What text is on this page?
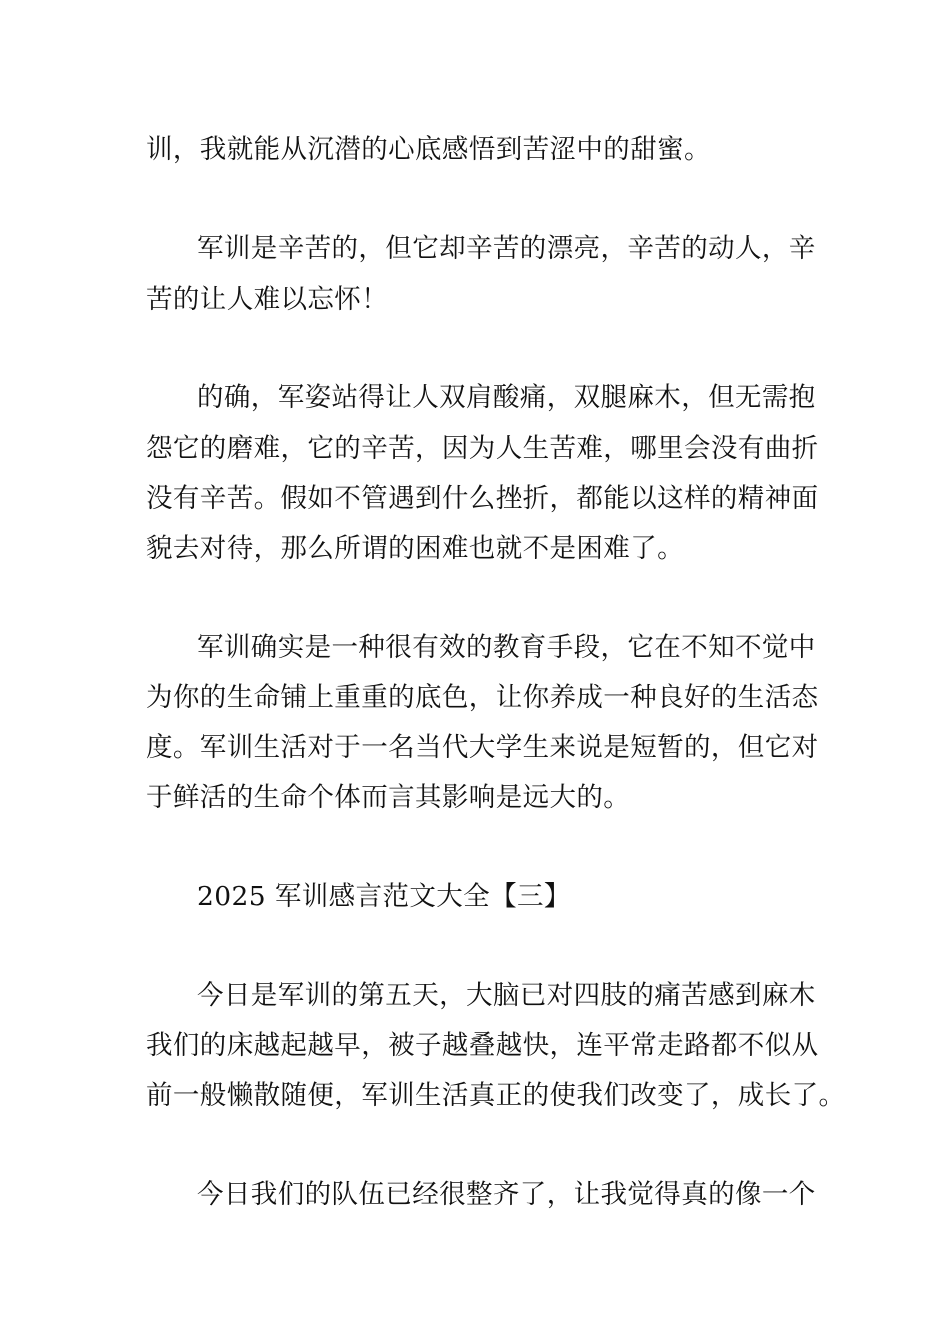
训，我就能从沉潜的心底感悟到苦涩中的甜蜜。
军训是辛苦的，但它却辛苦的漂亮，辛苦的动人，辛
苦的让人难以忘怀！
的确，军姿站得让人双肩酸痛，双腿麻木，但无需抱
怨它的磨难，它的辛苦，因为人生苦难，哪里会没有曲折
没有辛苦。假如不管遇到什么挫折，都能以这样的精神面
貌去对待，那么所谓的困难也就不是困难了。
军训确实是一种很有效的教育手段，它在不知不觉中
为你的生命铺上重重的底色，让你养成一种良好的生活态
度。军训生活对于一名当代大学生来说是短暂的，但它对
于鲜活的生命个体而言其影响是远大的。
2025 军训感言范文大全【三】
今日是军训的第五天，大脑已对四肢的痛苦感到麻木
我们的床越起越早，被子越叠越快，连平常走路都不似从
前一般懒散随便，军训生活真正的使我们改变了，成长了。
今日我们的队伍已经很整齐了，让我觉得真的像一个
